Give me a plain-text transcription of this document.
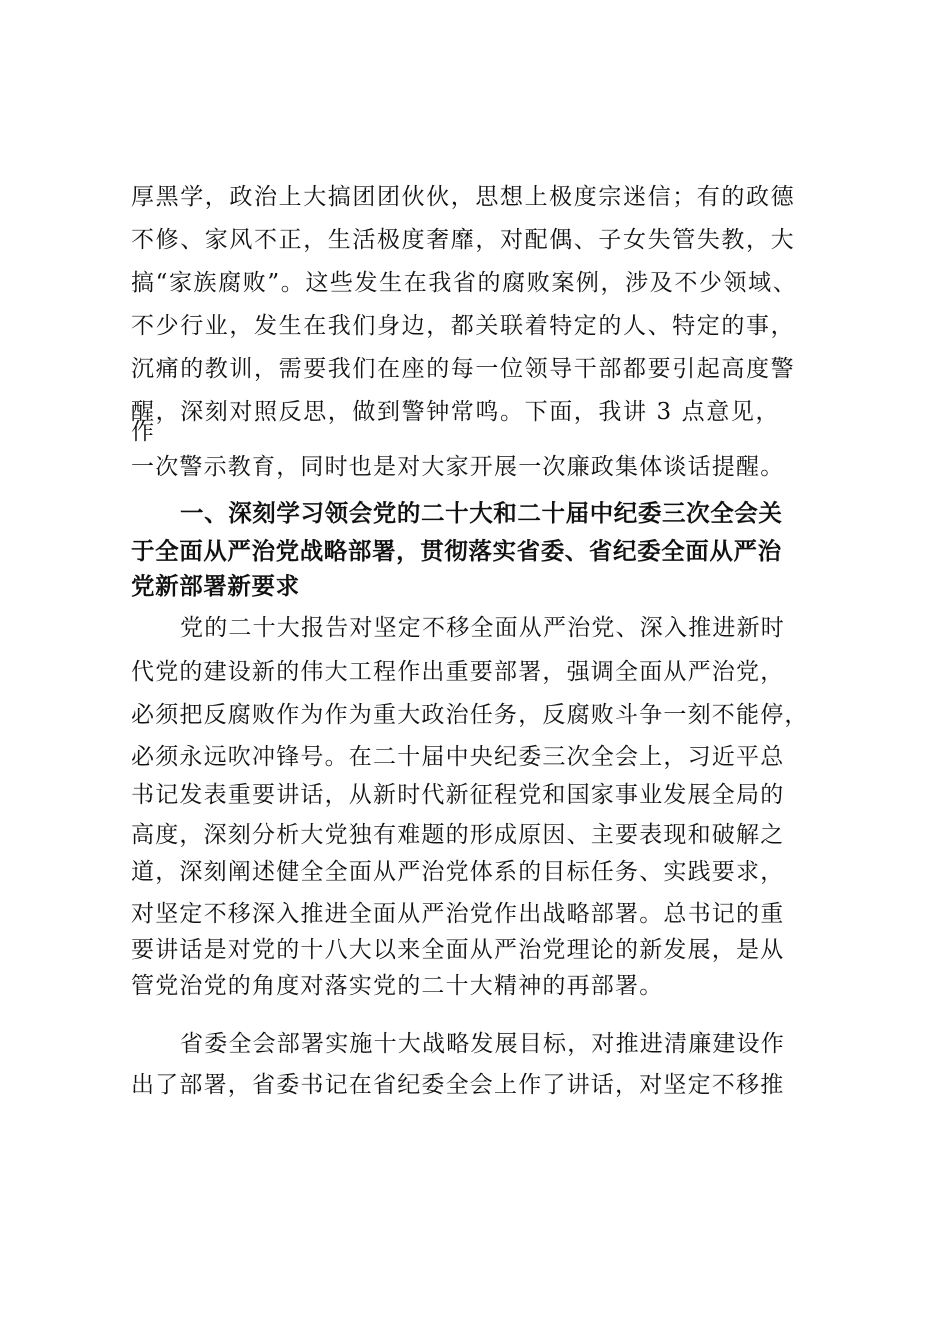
厚黑学，政治上大搞团团伙伙，思想上极度宗迷信；有的政德
不修、家风不正，生活极度奢靡，对配偶、子女失管失教，大
搞“家族腐败”。这些发生在我省的腐败案例，涉及不少领域、
不少行业，发生在我们身边，都关联着特定的人、特定的事，
沉痛的教训，需要我们在座的每一位领导干部都要引起高度警
醒，深刻对照反思，做到警钟常鸣。下面，我讲 3 点意见，
作
一次警示教育，同时也是对大家开展一次廉政集体谈话提醒。
一、深刻学习领会党的二十大和二十届中纪委三次全会关
于全面从严治党战略部署，贯彻落实省委、省纪委全面从严治
党新部署新要求
党的二十大报告对坚定不移全面从严治党、深入推进新时
代党的建设新的伟大工程作出重要部署，强调全面从严治党，
必须把反腐败作为作为重大政治任务，反腐败斗争一刻不能停，
必须永远吹冲锋号。在二十届中央纪委三次全会上，习近平总
书记发表重要讲话，从新时代新征程党和国家事业发展全局的
高度，深刻分析大党独有难题的形成原因、主要表现和破解之
道，深刻阐述健全全面从严治党体系的目标任务、实践要求，
对坚定不移深入推进全面从严治党作出战略部署。总书记的重
要讲话是对党的十八大以来全面从严治党理论的新发展，是从
管党治党的角度对落实党的二十大精神的再部署。
省委全会部署实施十大战略发展目标，对推进清廉建设作
出了部署，省委书记在省纪委全会上作了讲话，对坚定不移推
